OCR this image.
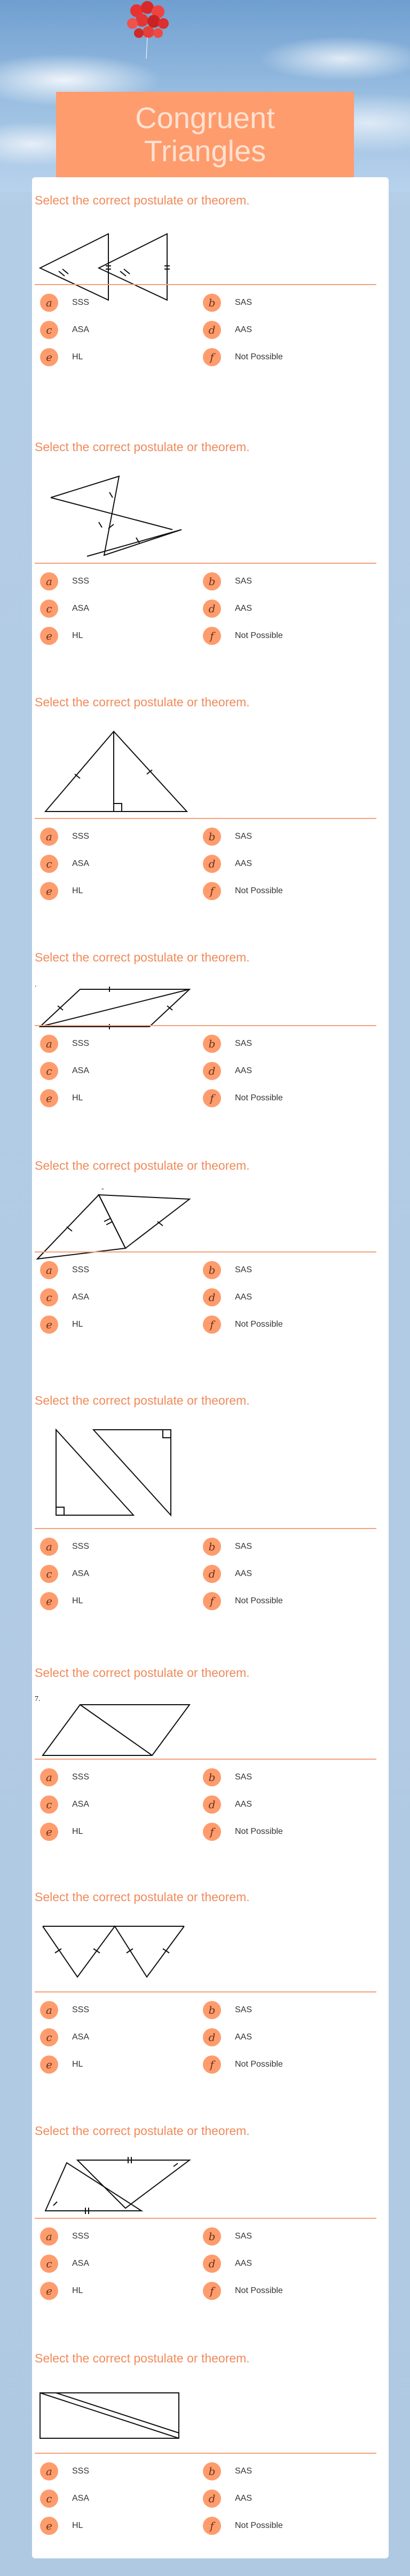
Congruent Triangles
Select the correct postulate or theorem.
a	SSS	b	SAS
c	ASA	d	AAS
e	HL	f	Not Possible
Select the correct postulate or theorem.
a	SSS	b	SAS
c	ASA	d	AAS
e	HL	f	Not Possible
Select the correct postulate or theorem.
a	SSS	b	SAS
c	ASA	d	AAS
e	HL	f	Not Possible
Select the correct postulate or theorem.
.
a	SSS	b	SAS
c	ASA	d	AAS
e	HL	f	Not Possible
Select the correct postulate or theorem.
-
a	SSS	b	SAS
c	ASA	d	AAS
e	HL	f	Not Possible
Select the correct postulate or theorem.
a	SSS	b	SAS
c	ASA	d	AAS
e	HL	f	Not Possible
Select the correct postulate or theorem.
7.
a	SSS	b	SAS
c	ASA	d	AAS
e	HL	f	Not Possible
Select the correct postulate or theorem.
a	SSS	b	SAS
c	ASA	d	AAS
e	HL	f	Not Possible
Select the correct postulate or theorem.
a	SSS	b	SAS
c	ASA	d	AAS
e	HL	f	Not Possible
Select the correct postulate or theorem.
a	SSS	b	SAS
c	ASA	d	AAS
e	HL	f	Not Possible
